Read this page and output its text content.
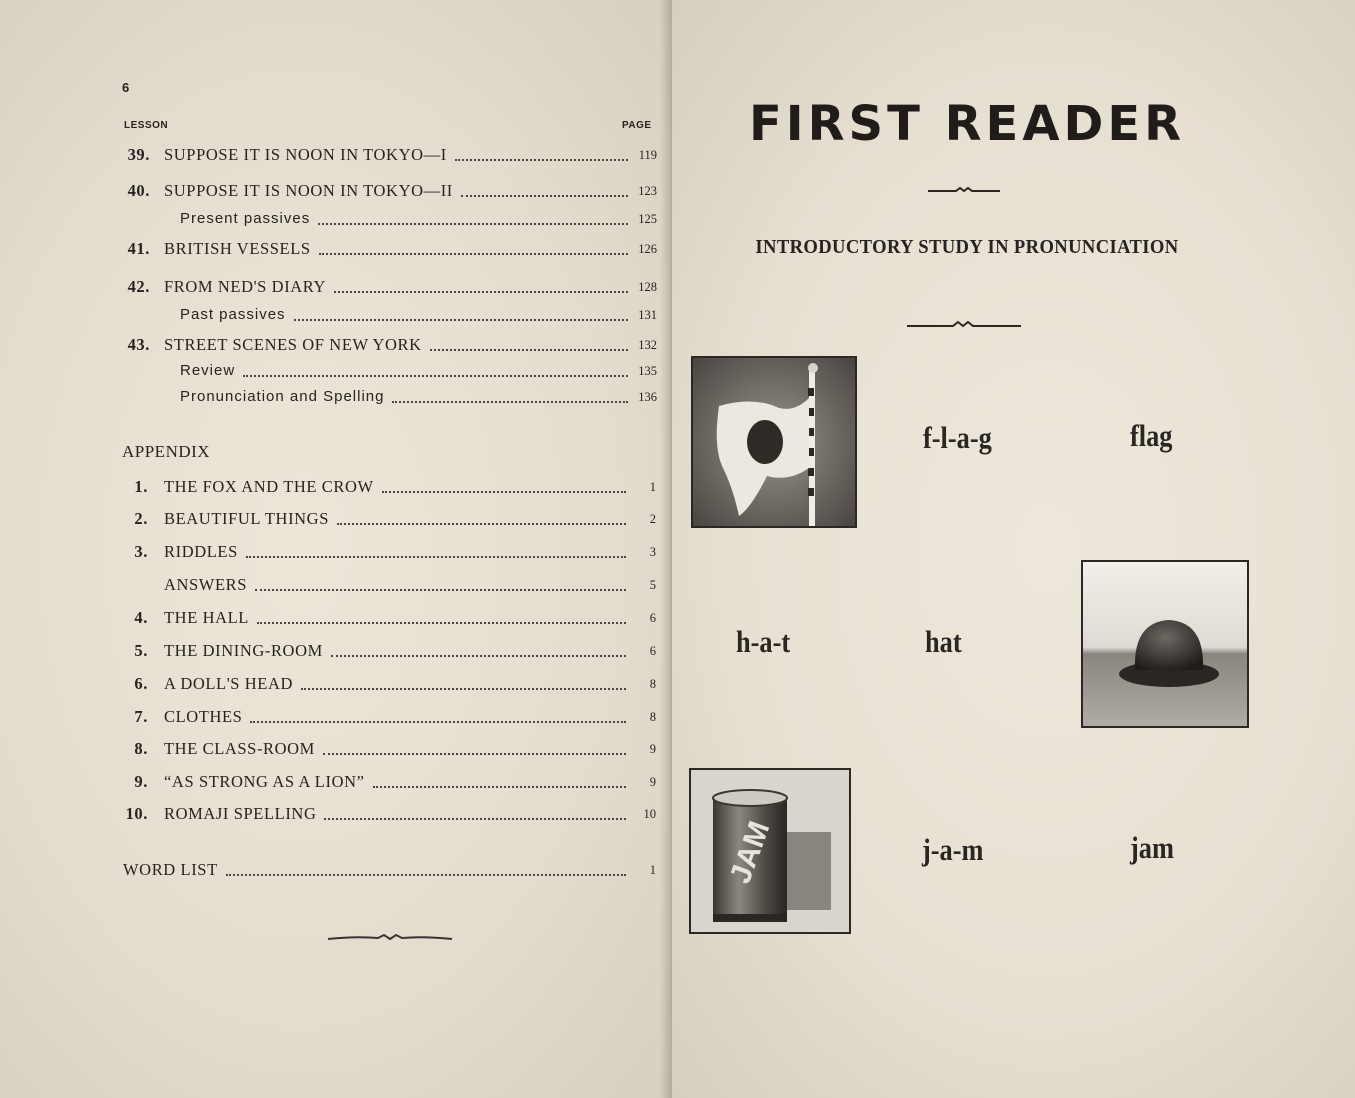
6
LESSON	PAGE
39. SUPPOSE IT IS NOON IN TOKYO—I	119
40. SUPPOSE IT IS NOON IN TOKYO—II	123
Present passives	125
41. BRITISH VESSELS	126
42. FROM NED'S DIARY	128
Past passives	131
43. STREET SCENES OF NEW YORK	132
Review	135
Pronunciation and Spelling	136
1. THE FOX AND THE CROW	1
2. BEAUTIFUL THINGS	2
3. RIDDLES	3
ANSWERS	5
4. THE HALL	6
5. THE DINING-ROOM	6
6. A DOLL'S HEAD	8
7. CLOTHES	8
8. THE CLASS-ROOM	9
9. “AS STRONG AS A LION”	9
10. ROMAJI SPELLING	10
WORD LIST	1
APPENDIX
FIRST READER
INTRODUCTORY STUDY IN PRONUNCIATION
f-l-a-g	flag
h-a-t	hat
JAM	j-a-m	jam
